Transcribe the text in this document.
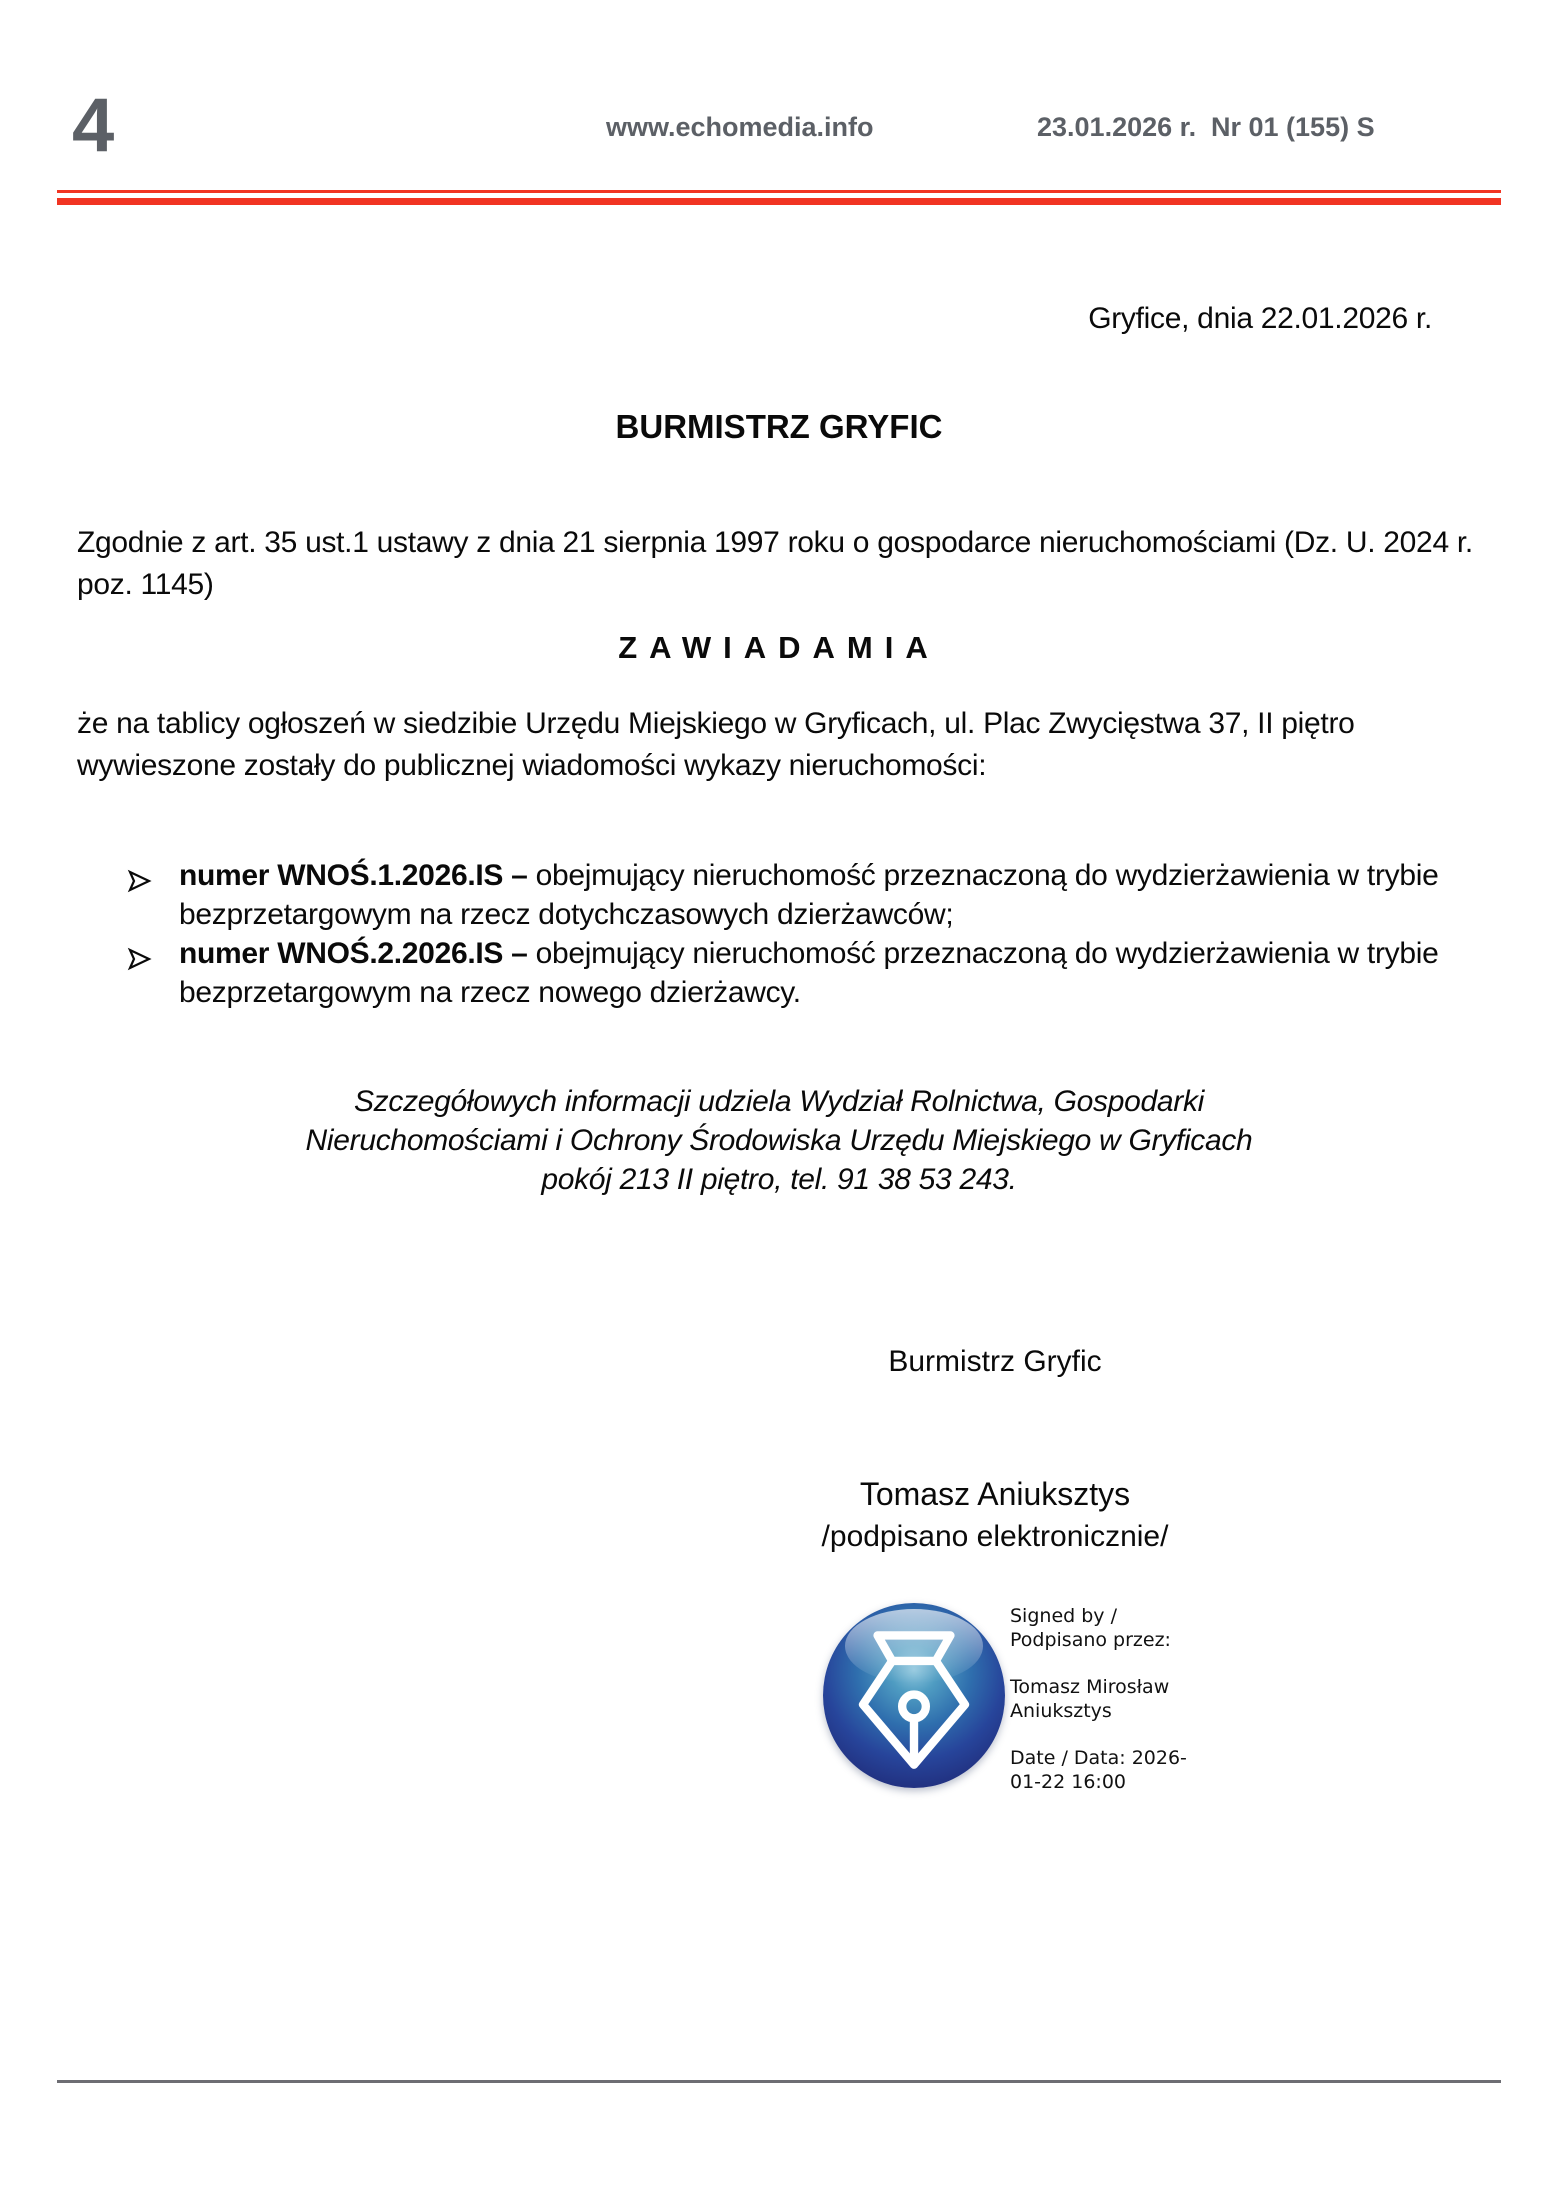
4	www.echomedia.info	23.01.2026 r. Nr 01 (155) S
Gryfice, dnia 22.01.2026 r.
BURMISTRZ GRYFIC
Zgodnie z art. 35 ust.1 ustawy z dnia 21 sierpnia 1997 roku o gospodarce nieruchomościami (Dz. U. 2024 r.
poz. 1145)
ZAWIADAMIA
że na tablicy ogłoszeń w siedzibie Urzędu Miejskiego w Gryficach, ul. Plac Zwycięstwa 37, II piętro
wywieszone zostały do publicznej wiadomości wykazy nieruchomości:
numer WNOŚ.1.2026.IS – obejmujący nieruchomość przeznaczoną do wydzierżawienia w trybie
bezprzetargowym na rzecz dotychczasowych dzierżawców;
numer WNOŚ.2.2026.IS – obejmujący nieruchomość przeznaczoną do wydzierżawienia w trybie
bezprzetargowym na rzecz nowego dzierżawcy.
Szczegółowych informacji udziela Wydział Rolnictwa, Gospodarki
Nieruchomościami i Ochrony Środowiska Urzędu Miejskiego w Gryficach
pokój 213 II piętro, tel. 91 38 53 243.
Burmistrz Gryfic
Tomasz Aniuksztys
/podpisano elektronicznie/
Signed by /
Podpisano przez:
Tomasz Mirosław
Aniuksztys
Date / Data: 2026-
01-22 16:00
